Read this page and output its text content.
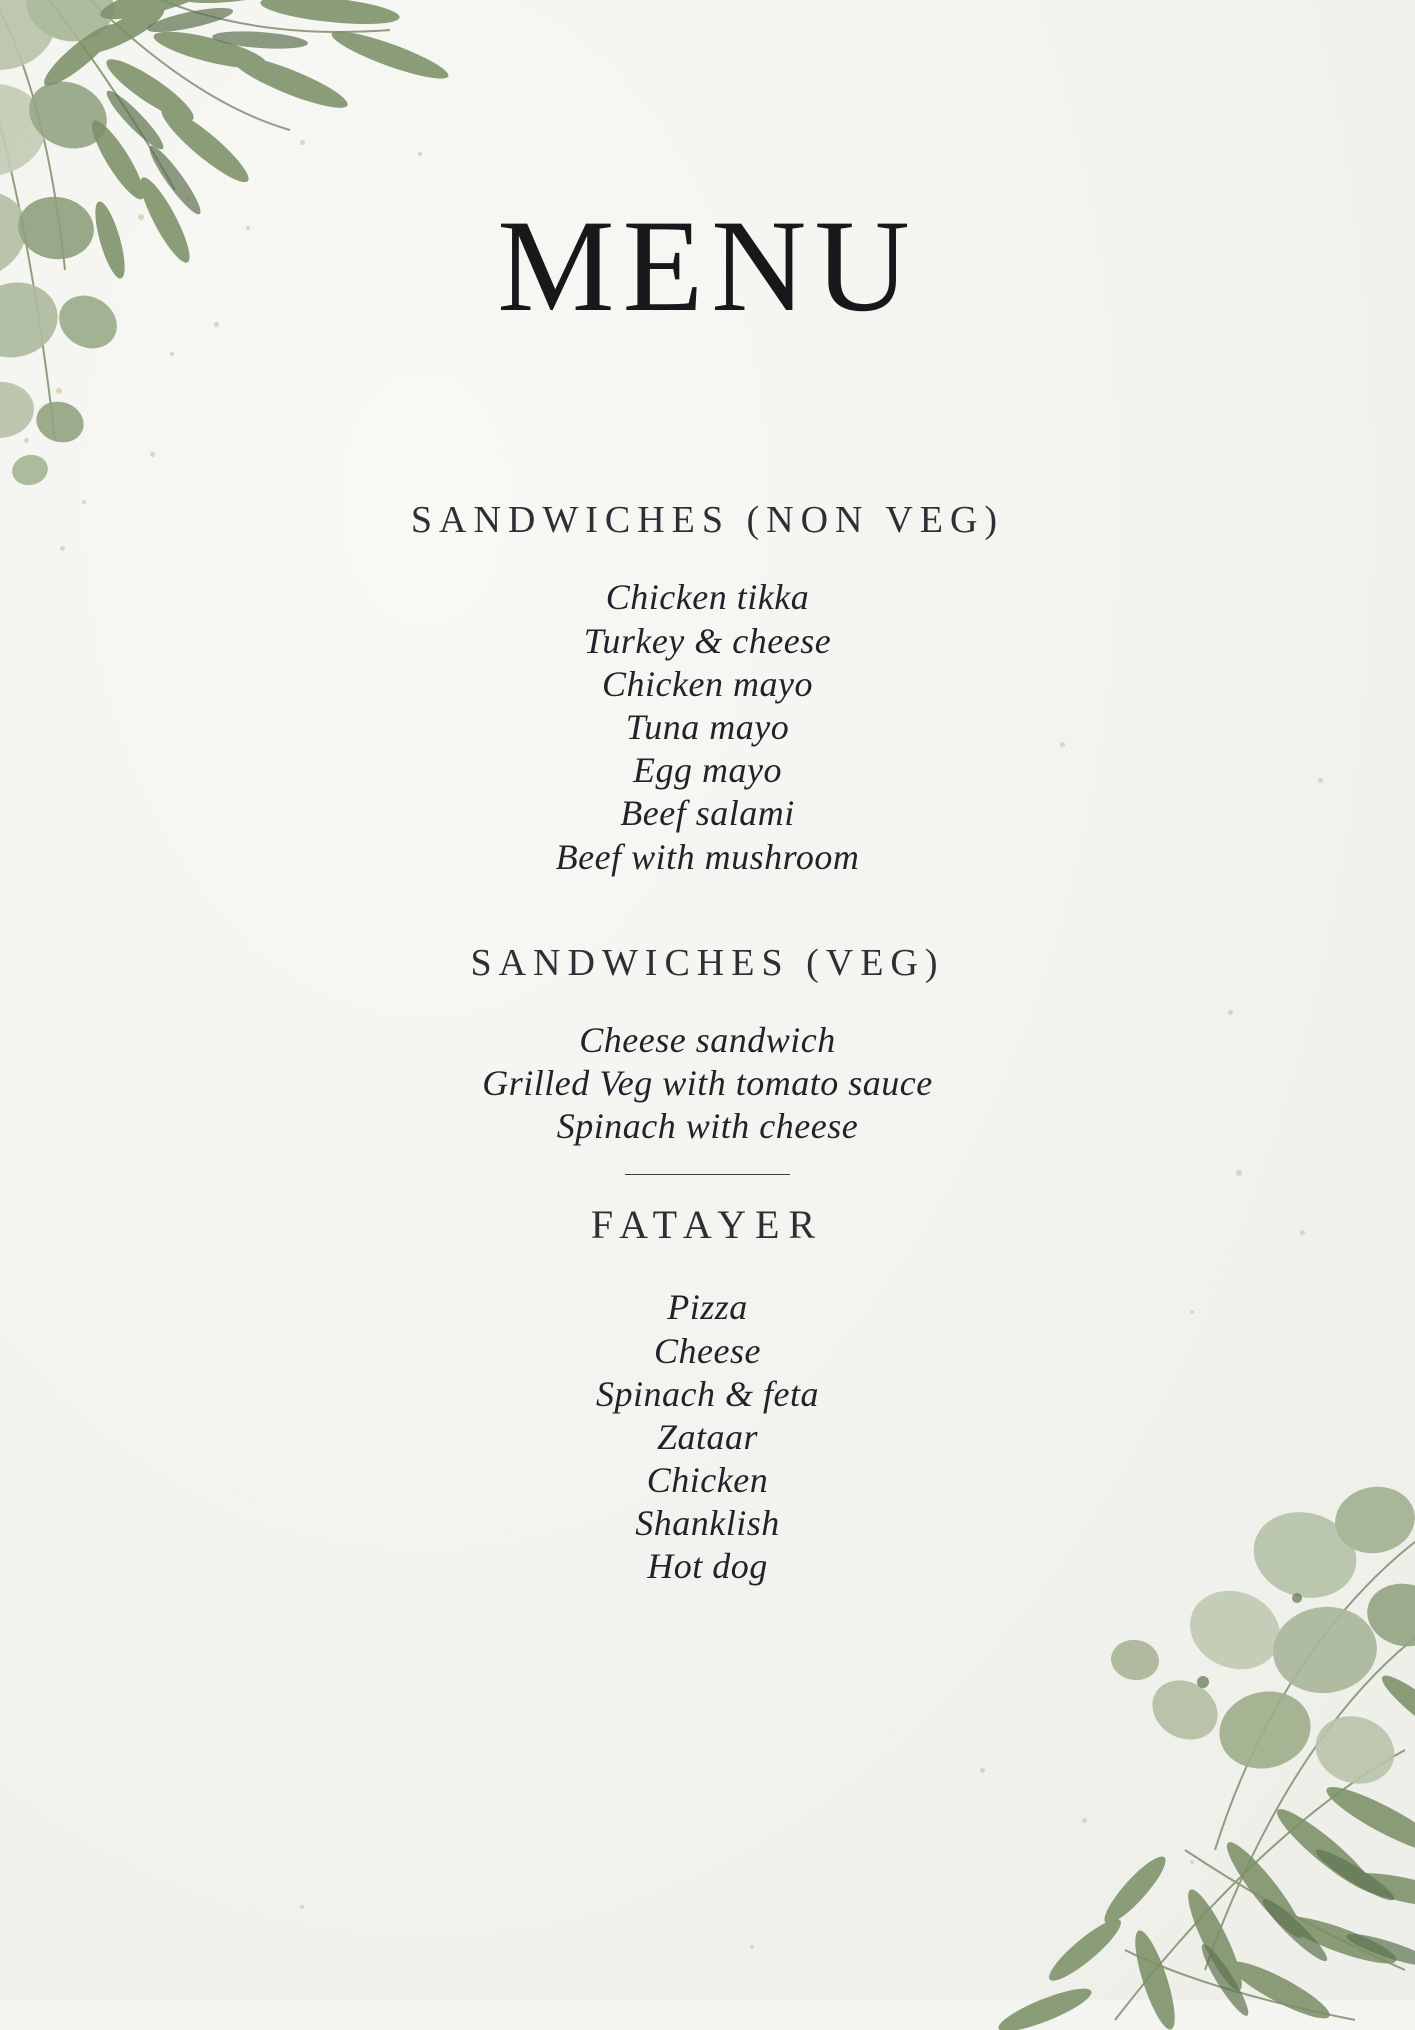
MENU
SANDWICHES (NON VEG)
Chicken tikka
Turkey & cheese
Chicken mayo
Tuna mayo
Egg mayo
Beef salami
Beef with mushroom
SANDWICHES (VEG)
Cheese sandwich
Grilled Veg with tomato sauce
Spinach with cheese
FATAYER
Pizza
Cheese
Spinach & feta
Zataar
Chicken
Shanklish
Hot dog
